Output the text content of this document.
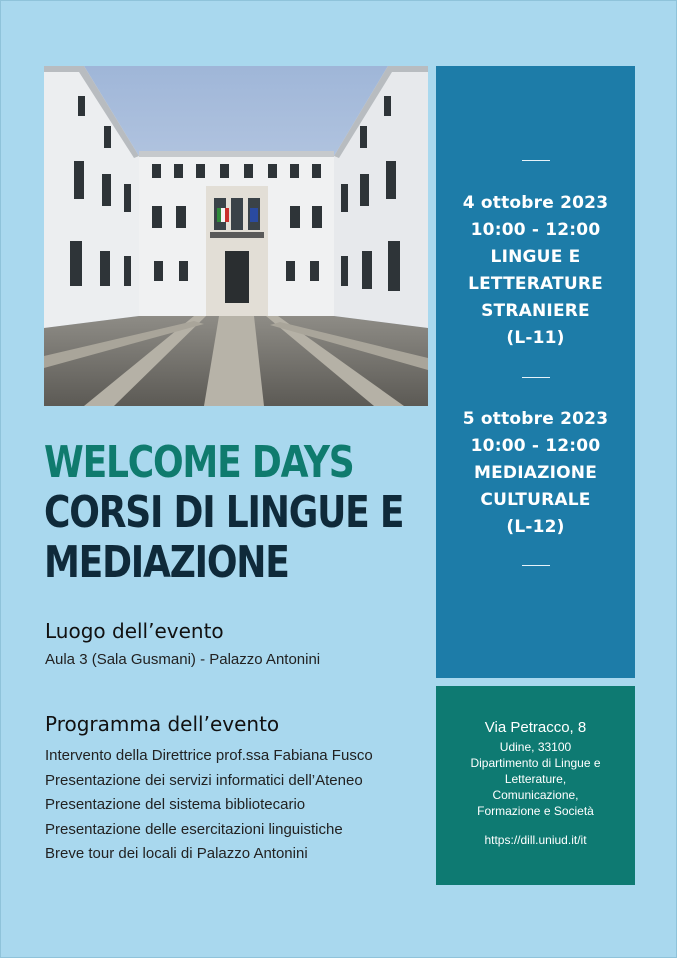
4 ottobre 2023
10:00 - 12:00
LINGUE E
LETTERATURE
STRANIERE
(L-11)
5 ottobre 2023
10:00 - 12:00
MEDIAZIONE
CULTURALE
(L-12)
Via Petracco, 8
Udine, 33100
Dipartimento di Lingue e
Letterature,
Comunicazione,
Formazione e Società
https://dill.uniud.it/it
WELCOME DAYS
CORSI DI LINGUE E
MEDIAZIONE
Luogo dell’evento
Aula 3 (Sala Gusmani) - Palazzo Antonini
Programma dell’evento
Intervento della Direttrice prof.ssa Fabiana Fusco
Presentazione dei servizi informatici dell’Ateneo
Presentazione del sistema bibliotecario
Presentazione delle esercitazioni linguistiche
Breve tour dei locali di Palazzo Antonini
